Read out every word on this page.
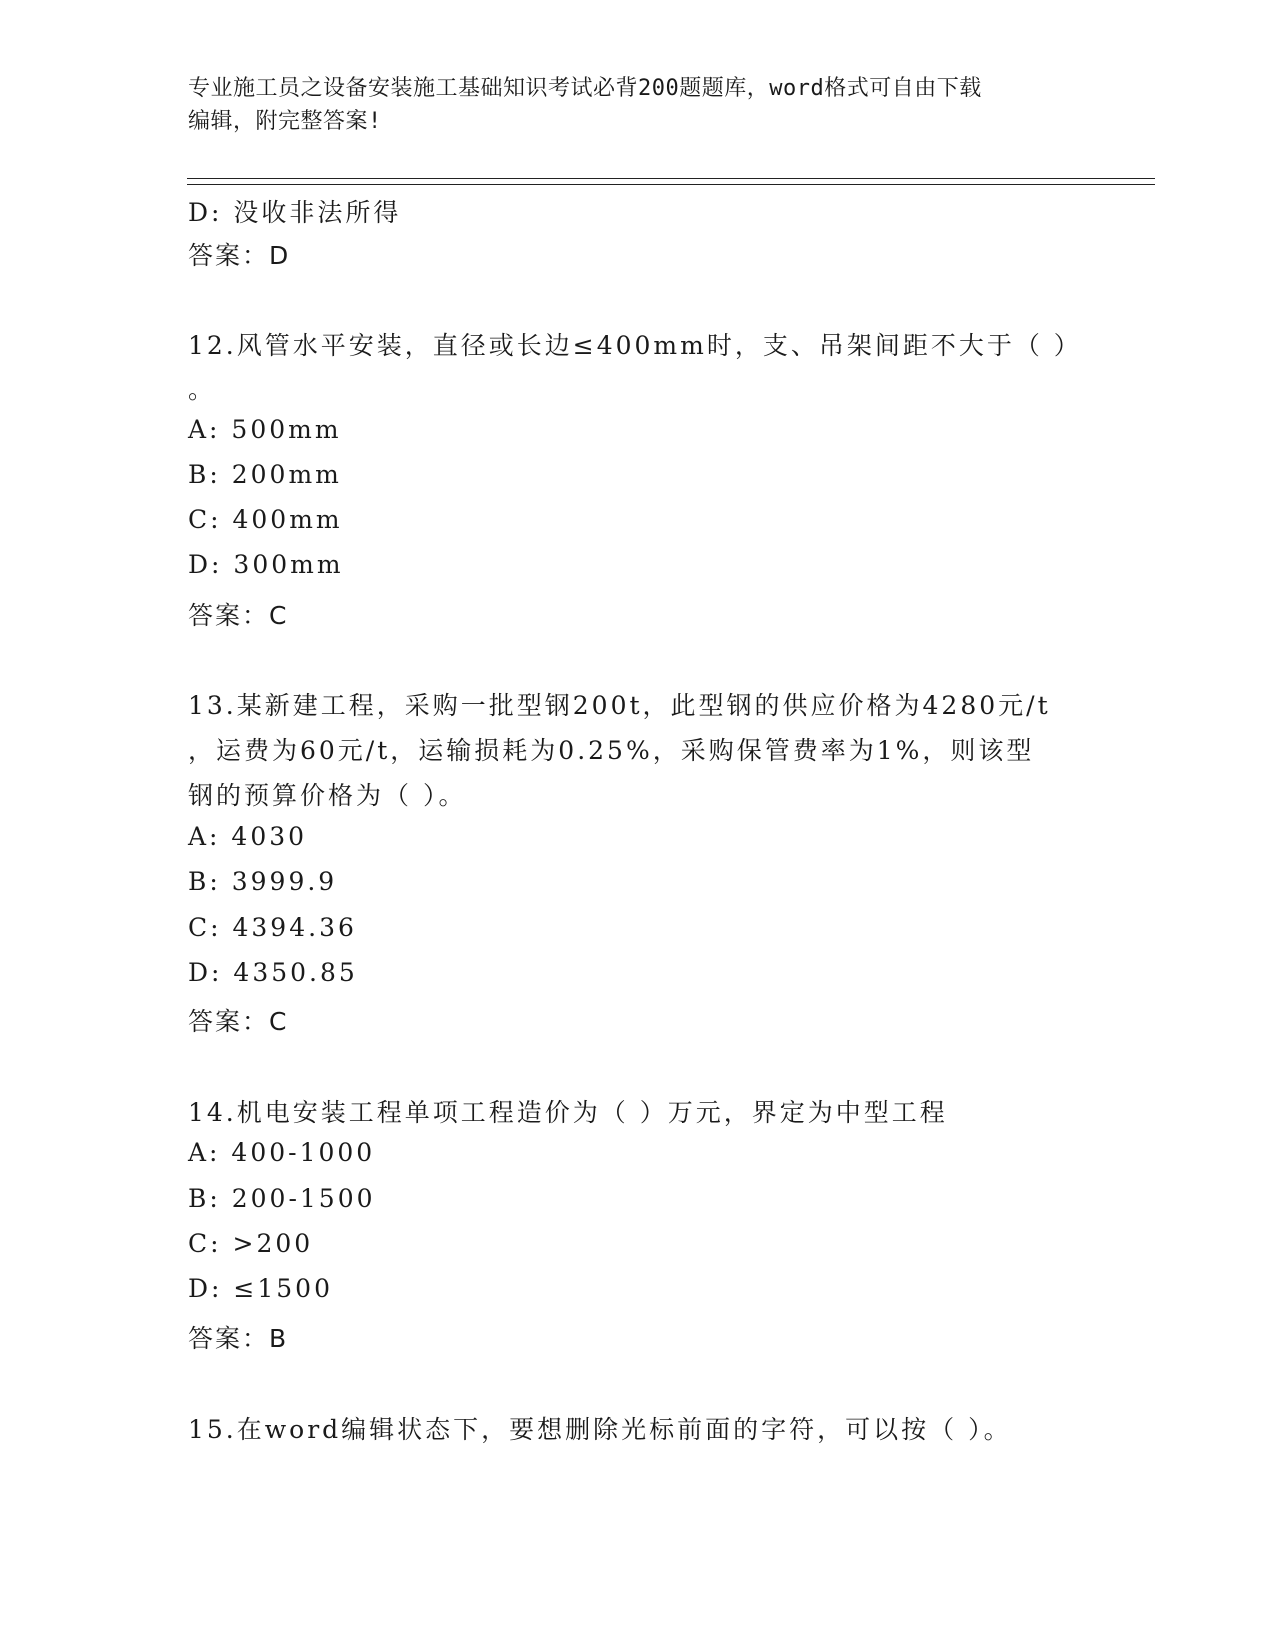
专业施工员之设备安装施工基础知识考试必背200题题库，word格式可自由下载
编辑，附完整答案!
D: 没收非法所得
答案：D
12.风管水平安装，直径或长边≤400mm时，支、吊架间距不大于（ ）
。
A: 500mm
B: 200mm
C: 400mm
D: 300mm
答案：C
13.某新建工程，采购一批型钢200t，此型钢的供应价格为4280元/t
，运费为60元/t，运输损耗为0.25%，采购保管费率为1%，则该型
钢的预算价格为（ ）。
A: 4030
B: 3999.9
C: 4394.36
D: 4350.85
答案：C
14.机电安装工程单项工程造价为（ ）万元，界定为中型工程
A: 400-1000
B: 200-1500
C: >200
D: ≤1500
答案：B
15.在word编辑状态下，要想删除光标前面的字符，可以按（ ）。
